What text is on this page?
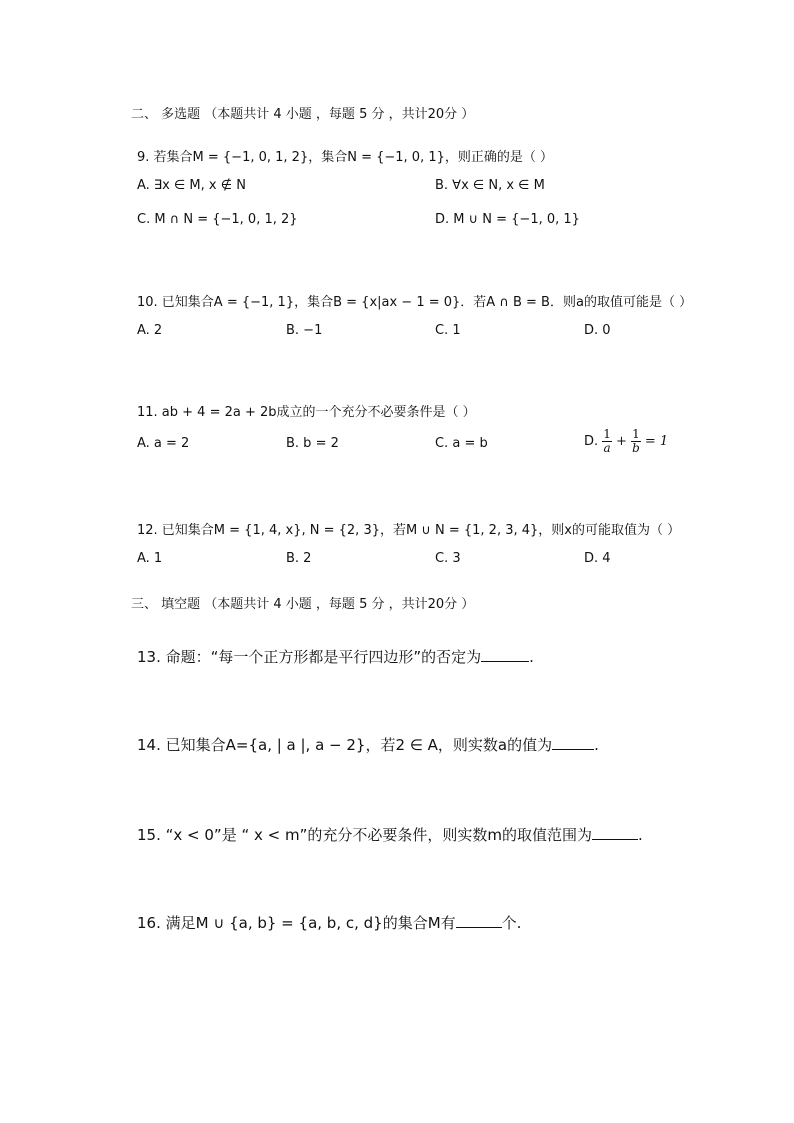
二、 多选题 （本题共计 4 小题 ，每题 5 分 ，共计20分 ）
9. 若集合M = {−1, 0, 1, 2}，集合N = {−1, 0, 1}，则正确的是（ ）
A. ∃x ∈ M, x ∉ N	B. ∀x ∈ N, x ∈ M
C. M ∩ N = {−1, 0, 1, 2}	D. M ∪ N = {−1, 0, 1}
10. 已知集合A = {−1, 1}，集合B = {x|ax − 1 = 0}．若A ∩ B = B．则a的取值可能是（ ）
A. 2	B. −1	C. 1	D. 0
11. ab + 4 = 2a + 2b成立的一个充分不必要条件是（ ）
A. a = 2	B. b = 2	C. a = b	D. $\frac{1}{a} + \frac{1}{b} = 1$
12. 已知集合M = {1, 4, x}, N = {2, 3}，若M ∪ N = {1, 2, 3, 4}，则x的可能取值为（ ）
A. 1	B. 2	C. 3	D. 4
三、 填空题 （本题共计 4 小题 ，每题 5 分 ，共计20分 ）
13. 命题：“每一个正方形都是平行四边形”的否定为	.
14. 已知集合A={a, | a |, a − 2}，若2 ∈ A，则实数a的值为	.
15. “x < 0”是 “ x < m”的充分不必要条件，则实数m的取值范围为	.
16. 满足M ∪ {a, b} = {a, b, c, d}的集合M有	个.
